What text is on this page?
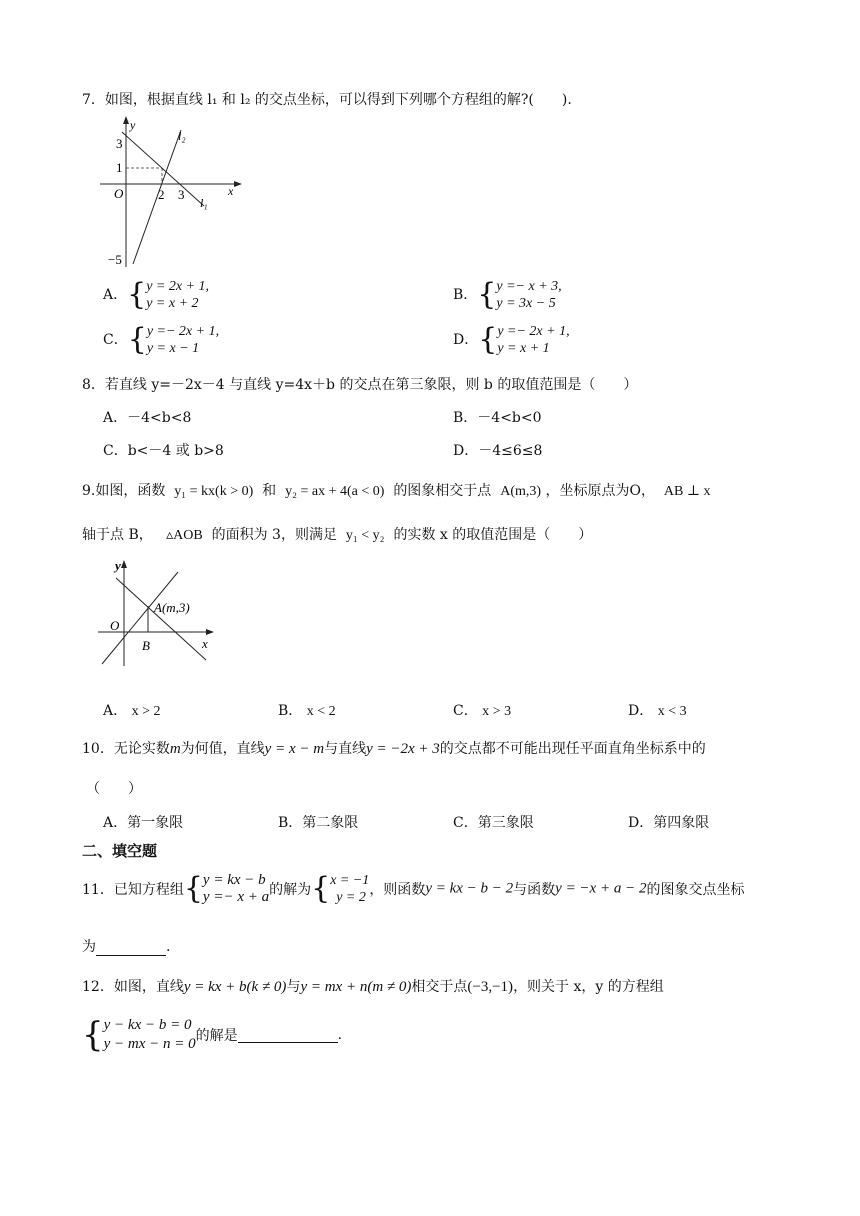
7．如图，根据直线 l₁ 和 l₂ 的交点坐标，可以得到下列哪个方程组的解?(　　).
y
x
O
3
1
2 3
−5
l₂
l₁
A．{ y = 2x + 1,
y = x + 2
B．{ y =− x + 3,
y = 3x − 5
C．{ y =− 2x + 1,
y = x − 1
D．{ y =− 2x + 1,
y = x + 1
8．若直线 y=－2x－4 与直线 y=4x＋b 的交点在第三象限，则 b 的取值范围是（　　）
A．－4<b<8	B．－4<b<0
C．b<－4 或 b>8	D．－4≤6≤8
9.如图，函数 y₁ = kx(k > 0) 和 y₂ = ax + 4(a < 0) 的图象相交于点 A(m,3) ，坐标原点为O， AB ⊥ x
轴于点 B， ▵AOB 的面积为 3，则满足 y₁ < y₂ 的实数 x 的取值范围是（　　）
y
x
O
A(m,3)
B
A． x > 2	B． x < 2	C． x > 3	D． x < 3
10．无论实数m为何值，直线y = x − m与直线y = −2x + 3的交点都不可能出现任平面直角坐标系中的
（　　）
A．第一象限	B．第二象限	C．第三象限	D．第四象限
二、填空题
11．已知方程组{ y = kx − b
y =− x + a 的解为{ x = −1
y = 2 ，则函数y = kx − b − 2与函数y = −x + a − 2的图象交点坐标
为	.
12．如图，直线y = kx + b(k ≠ 0)与y = mx + n(m ≠ 0)相交于点(−3,−1)，则关于 x，y 的方程组
{ y − kx − b = 0
y − mx − n = 0 的解是	.
